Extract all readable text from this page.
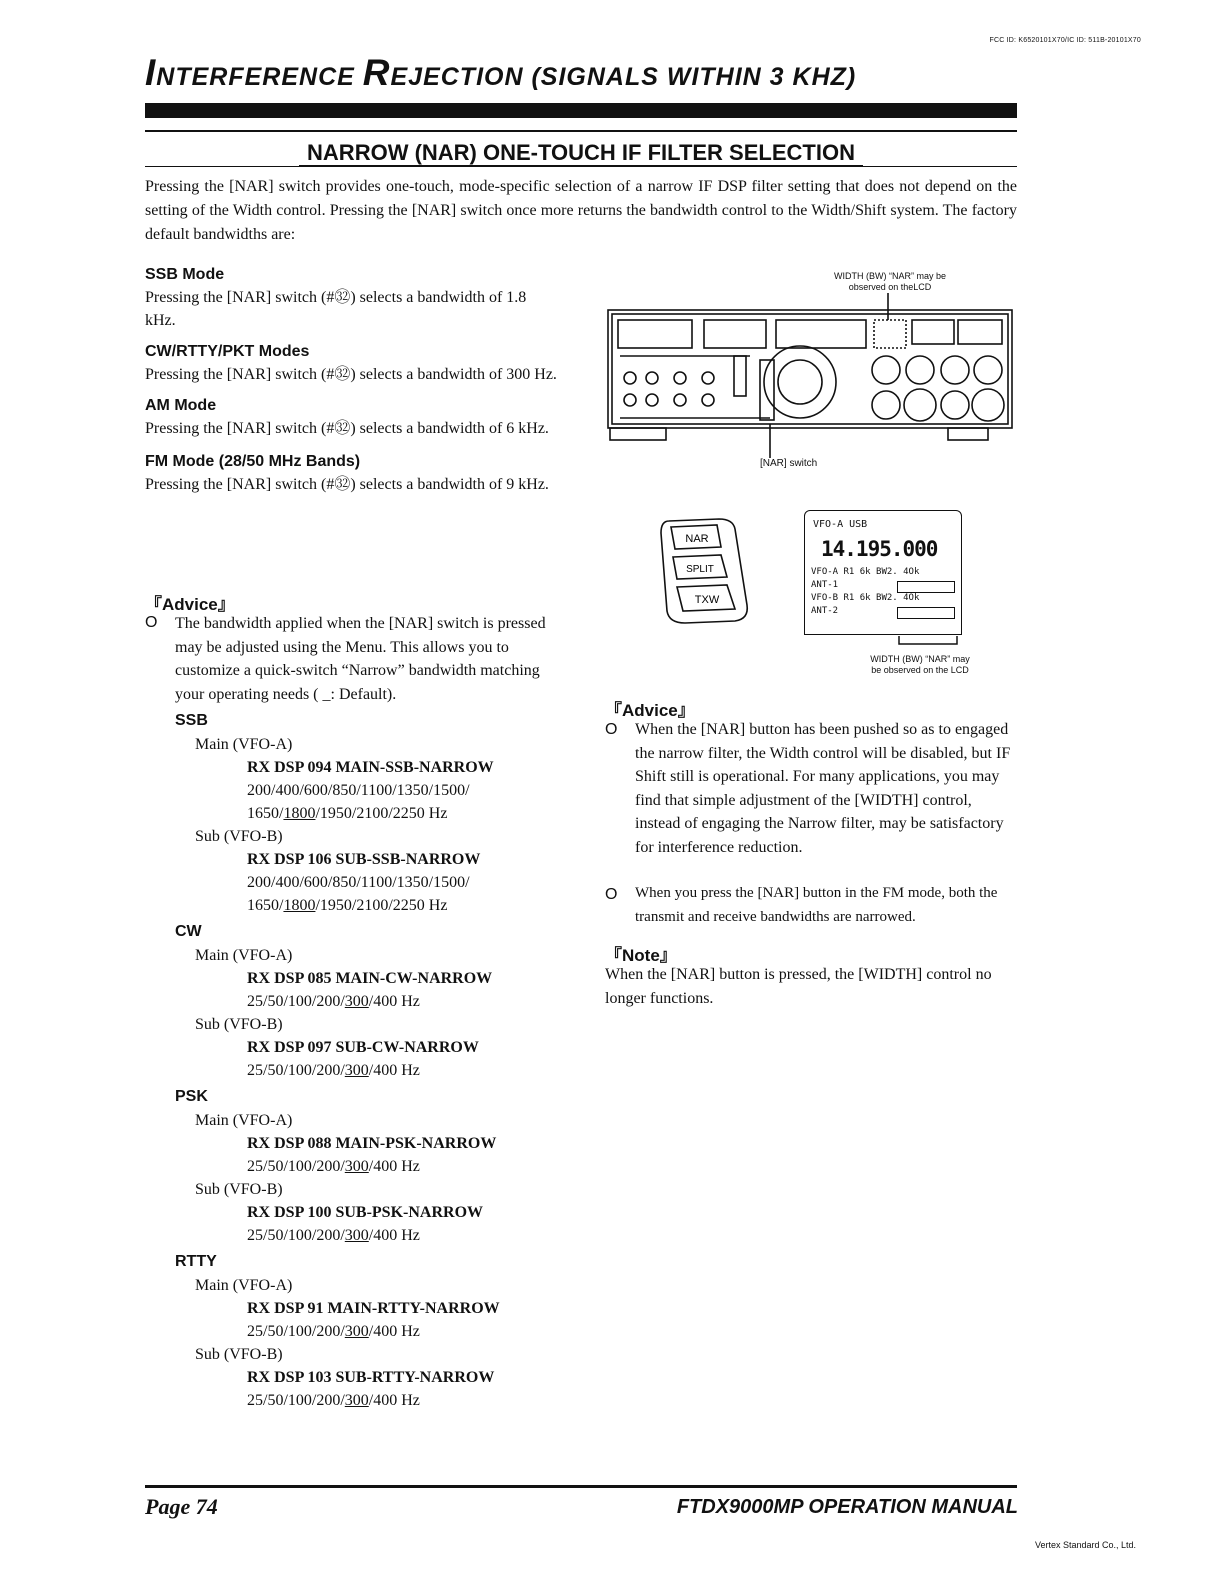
FCC ID: K6520101X70/IC ID: 511B-20101X70
INTERFERENCE REJECTION (SIGNALS WITHIN 3 KHZ)
NARROW (NAR) ONE-TOUCH IF FILTER SELECTION
Pressing the [NAR] switch provides one-touch, mode-specific selection of a narrow IF DSP filter setting that does not depend on the setting of the Width control. Pressing the [NAR] switch once more returns the bandwidth control to the Width/Shift system. The factory default bandwidths are:
SSB Mode
Pressing the [NAR] switch (#㉜) selects a bandwidth of 1.8 kHz.
CW/RTTY/PKT Modes
Pressing the [NAR] switch (#㉜) selects a bandwidth of 300 Hz.
AM Mode
Pressing the [NAR] switch (#㉜) selects a bandwidth of 6 kHz.
FM Mode (28/50 MHz Bands)
Pressing the [NAR] switch (#㉜) selects a bandwidth of 9 kHz.
『Advice』
O The bandwidth applied when the [NAR] switch is pressed may be adjusted using the Menu. This allows you to customize a quick-switch “Narrow” bandwidth matching your operating needs ( _: Default).
SSB
Main (VFO-A)
RX DSP 094 MAIN-SSB-NARROW
200/400/600/850/1100/1350/1500/
1650/1800/1950/2100/2250 Hz
Sub (VFO-B)
RX DSP 106 SUB-SSB-NARROW
200/400/600/850/1100/1350/1500/
1650/1800/1950/2100/2250 Hz
CW
Main (VFO-A)
RX DSP 085 MAIN-CW-NARROW
25/50/100/200/300/400 Hz
Sub (VFO-B)
RX DSP 097 SUB-CW-NARROW
25/50/100/200/300/400 Hz
PSK
Main (VFO-A)
RX DSP 088 MAIN-PSK-NARROW
25/50/100/200/300/400 Hz
Sub (VFO-B)
RX DSP 100 SUB-PSK-NARROW
25/50/100/200/300/400 Hz
RTTY
Main (VFO-A)
RX DSP 91 MAIN-RTTY-NARROW
25/50/100/200/300/400 Hz
Sub (VFO-B)
RX DSP 103 SUB-RTTY-NARROW
25/50/100/200/300/400 Hz
WIDTH (BW) “NAR” may be
observed on theLCD
[NAR] switch
NAR
SPLIT
TXW
VFO-A USB
14.195.000
VFO-A R1 6k BW2. 4Ok
ANT-1
VFO-B R1 6k BW2. 4Ok
ANT-2
WIDTH (BW) “NAR” may
be observed on the LCD
『Advice』
O When the [NAR] button has been pushed so as to engaged the narrow filter, the Width control will be disabled, but IF Shift still is operational. For many applications, you may find that simple adjustment of the [WIDTH] control, instead of engaging the Narrow filter, may be satisfactory for interference reduction.
O When you press the [NAR] button in the FM mode, both the transmit and receive bandwidths are narrowed.
『Note』
When the [NAR] button is pressed, the [WIDTH] control no longer functions.
Page 74	FTDX9000MP OPERATION MANUAL
Vertex Standard Co., Ltd.
